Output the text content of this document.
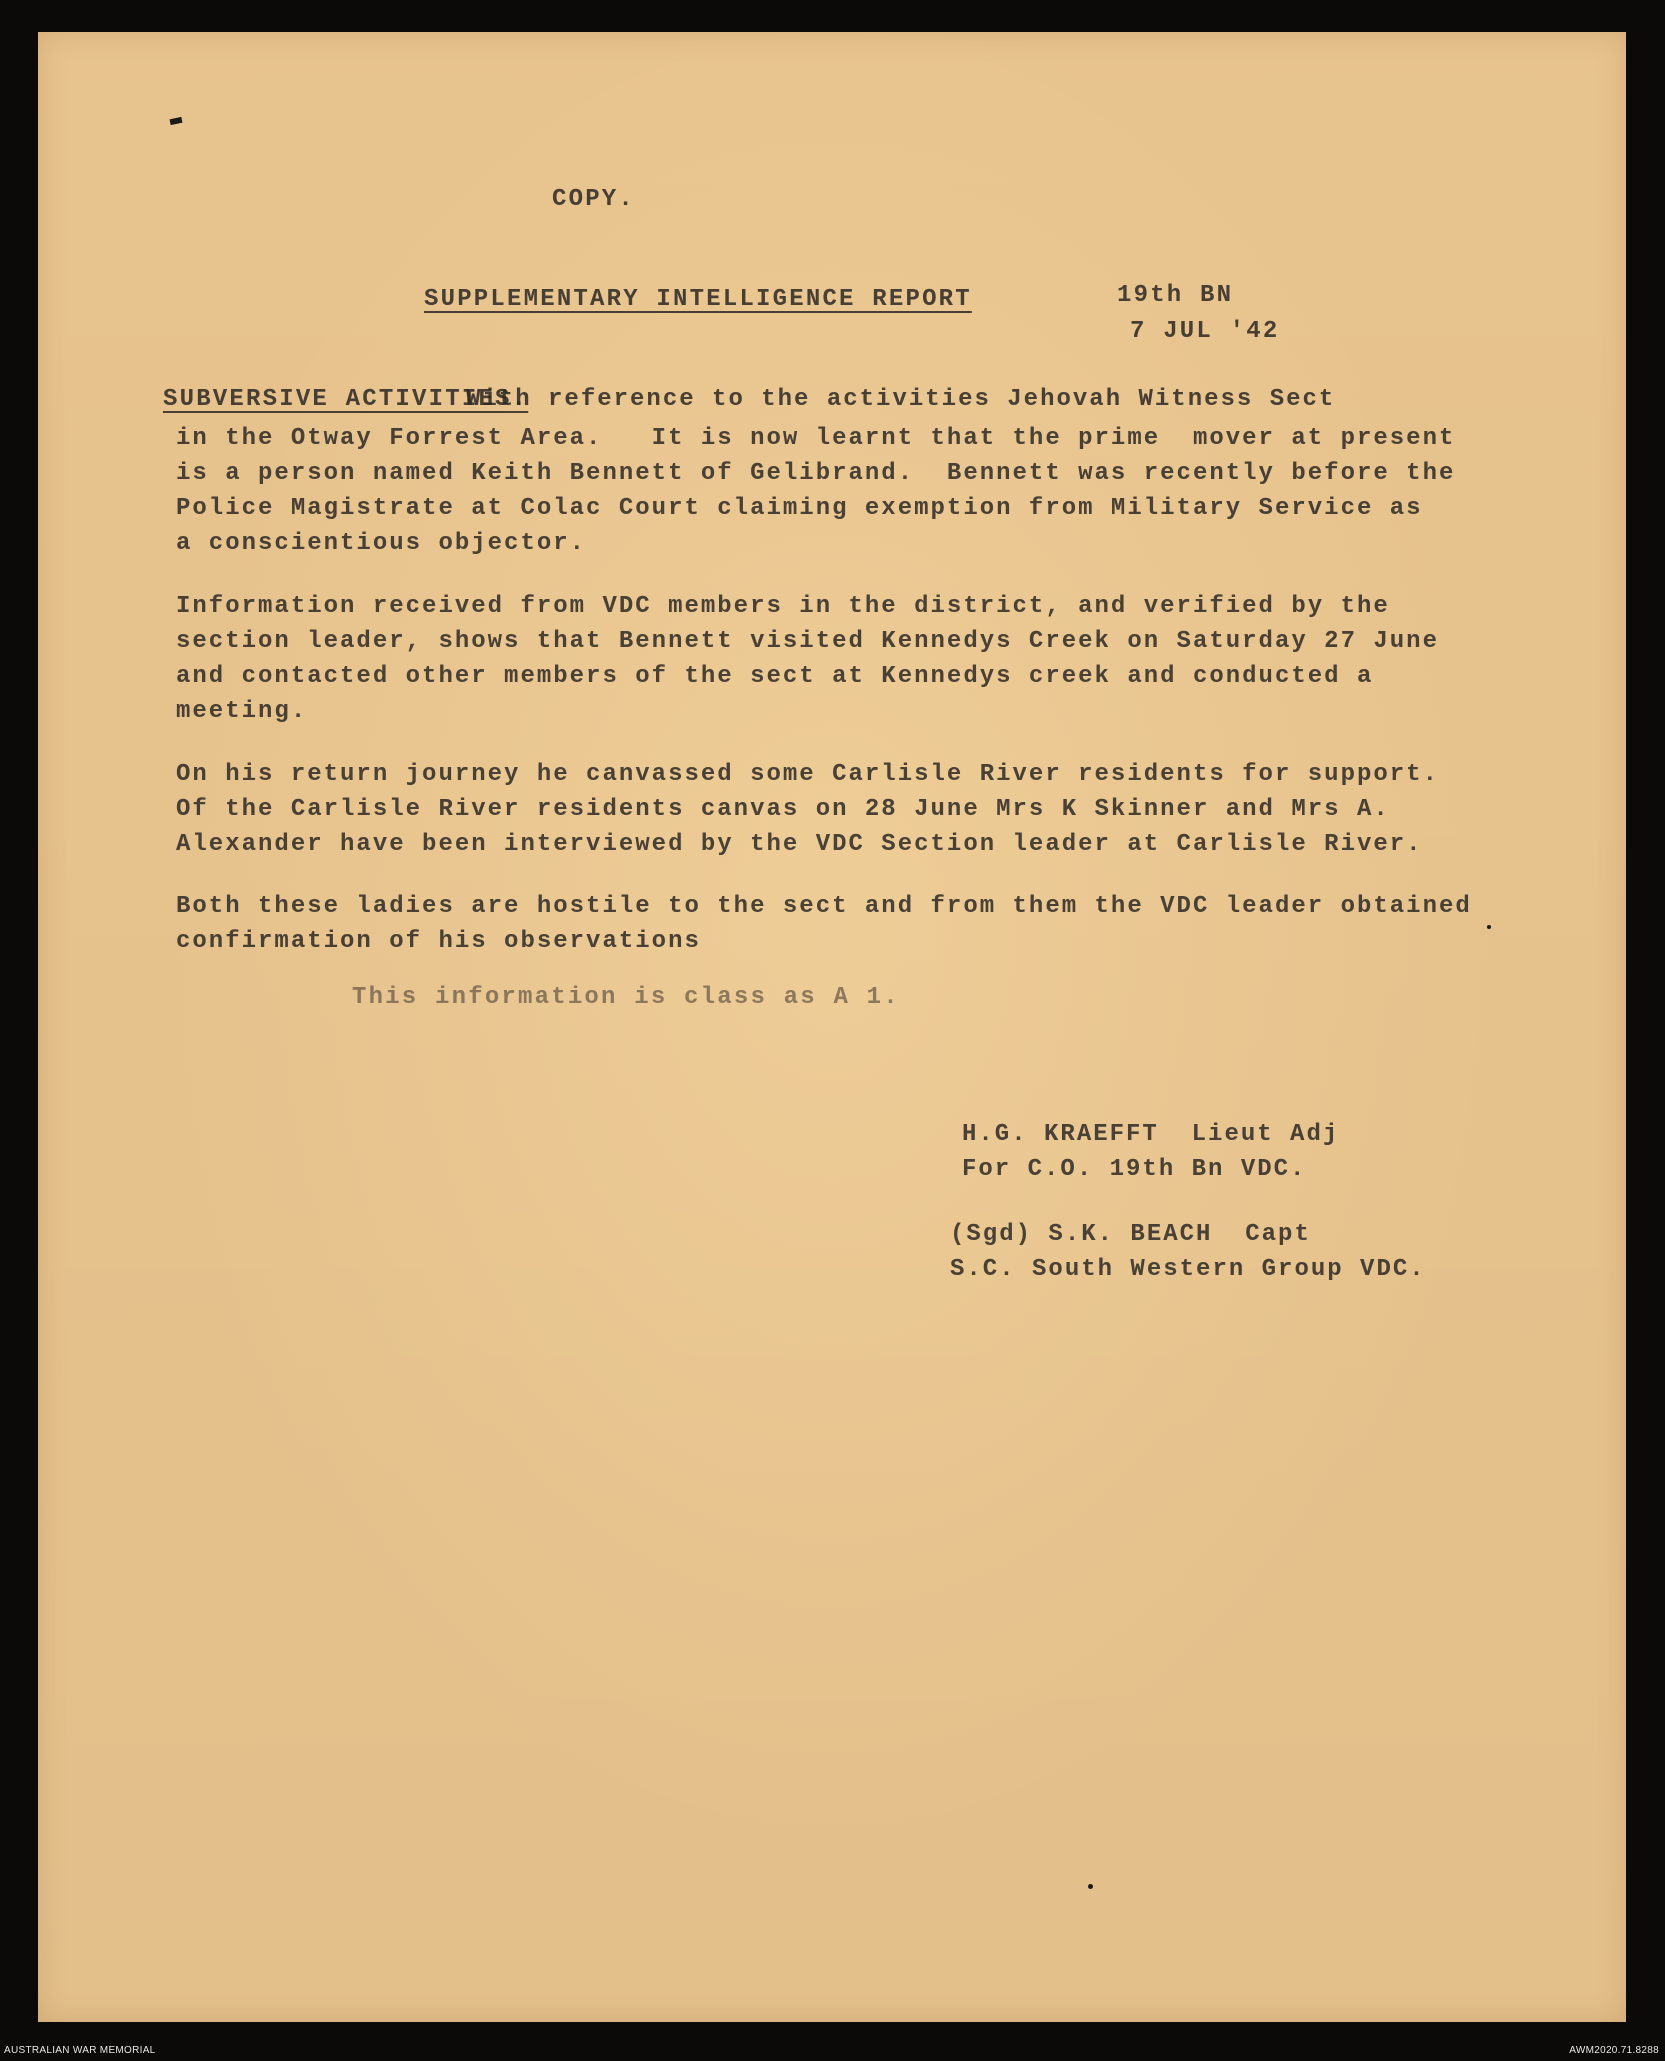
COPY.
SUPPLEMENTARY INTELLIGENCE REPORT	19th BN
7 JUL '42
SUBVERSIVE ACTIVITIES.
With reference to the activities Jehovah Witness Sect
in the Otway Forrest Area.   It is now learnt that the prime  mover at present
is a person named Keith Bennett of Gelibrand.  Bennett was recently before the
Police Magistrate at Colac Court claiming exemption from Military Service as
a conscientious objector.
Information received from VDC members in the district, and verified by the
section leader, shows that Bennett visited Kennedys Creek on Saturday 27 June
and contacted other members of the sect at Kennedys creek and conducted a
meeting.
On his return journey he canvassed some Carlisle River residents for support.
Of the Carlisle River residents canvas on 28 June Mrs K Skinner and Mrs A.
Alexander have been interviewed by the VDC Section leader at Carlisle River.
Both these ladies are hostile to the sect and from them the VDC leader obtained
confirmation of his observations
This information is class as A 1.
H.G. KRAEFFT  Lieut Adj
For C.O. 19th Bn VDC.
(Sgd) S.K. BEACH  Capt
S.C. South Western Group VDC.
AUSTRALIAN WAR MEMORIAL	AWM2020.71.8288
